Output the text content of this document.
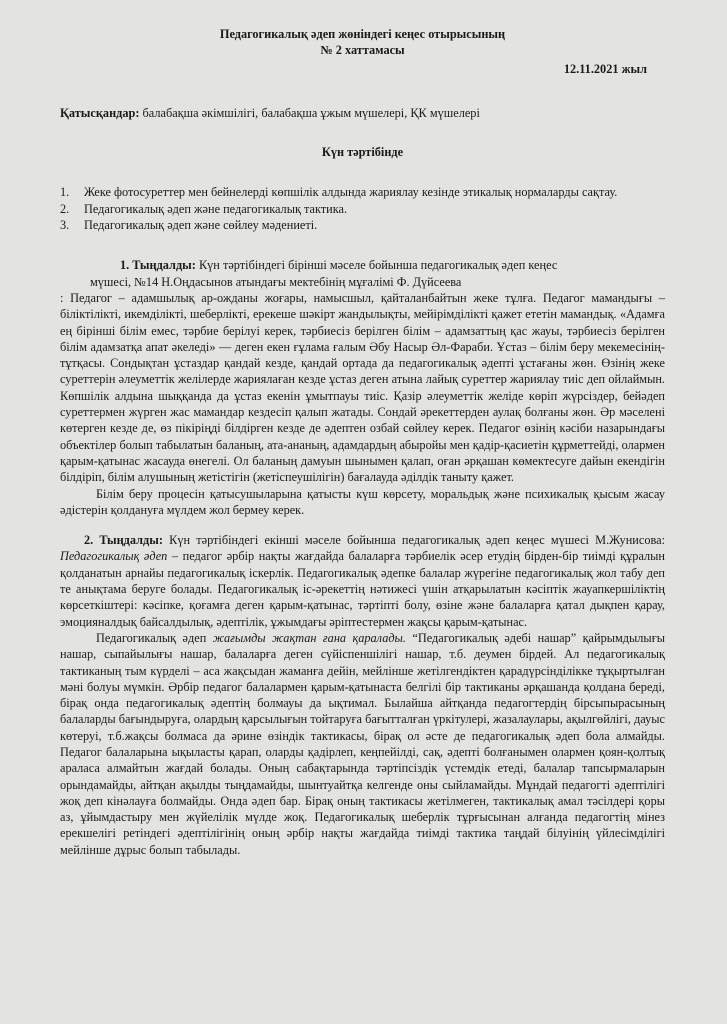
Педагогикалық әдеп жөніндегі кеңес отырысының
№ 2 хаттамасы
12.11.2021 жыл
Қатысқандар: балабақша әкімшілігі, балабақша ұжым мүшелері, ҚК мүшелері
Күн тәртібінде
1.	Жеке фотосуреттер мен бейнелерді көпшілік алдында жариялау кезінде этикалық нормаларды сақтау.
2.	Педагогикалық әдеп және педагогикалық тактика.
3.	Педагогикалық әдеп және сөйлеу мәдениеті.

1. Тыңдалды: Күн тәртібіндегі бірінші мәселе бойынша педагогикалық әдеп кеңес
мүшесі, №14 Н.Оңдасынов атындағы мектебінің мұғалімі Ф. Дүйсеева

: Педагог – адамшылық ар-ожданы жоғары, намысшыл, қайталанбайтын жеке тұлға. Педагог мамандығы – біліктілікті, икемділікті, шеберлікті, ерекеше шәкірт жандылықты, мейірімділікті қажет ететін мамандық. «Адамға ең бірінші білім емес, тәрбие берілуі керек, тәрбиесіз берілген білім – адамзаттың қас жауы, тәрбиесіз берілген білім адамзатқа апат әкеледі» — деген екен ғұлама ғалым Әбу Насыр Әл-Фараби. Ұстаз – білім беру мекемесінің- тұтқасы. Сондықтан ұстаздар қандай кезде, қандай ортада да педагогикалық әдепті ұстағаны жөн. Өзінің жеке суреттерін әлеуметтік желілерде жариялаған кезде ұстаз деген атына лайық суреттер жариялау тиіс деп ойлаймын. Көпшілік алдына шыққанда да ұстаз екенін ұмытпауы тиіс. Қазір әлеуметтік желіде көріп жүрсіздер, бейәдеп суреттермен жүрген жас мамандар кездесіп қалып жатады. Сондай әрекеттерден аулақ болғаны жөн. Әр мәселені көтерген кезде де, өз пікіріңді білдірген кезде де әдептен озбай сөйлеу керек. Педагог өзінің кәсіби назарындағы объектілер болып табылатын баланың, ата-ананың, адамдардың абыройы мен қадір-қасиетін құрметтейді, олармен қарым-қатынас жасауда өнегелі. Ол баланың дамуын шынымен қалап, оған әрқашан көмектесуге дайын екендігін білдіріп, білім алушының жетістігін (жетіспеушілігін) бағалауда әділдік таныту қажет.

Білім беру процесін қатысушыларына қатысты күш көрсету, моральдық және психикалық қысым жасау әдістерін қолдануға мүлдем жол бермеу керек.

2. Тыңдалды: Күн тәртібіндегі екінші мәселе бойынша педагогикалық әдеп кеңес мүшесі М.Жунисова: Педагогикалық әдеп – педагог әрбір нақты жағдайда балаларға тәрбиелік әсер етудің бірден-бір тиімді құралын қолданатын арнайы педагогикалық іскерлік. Педагогикалық әдепке балалар жүрегіне педагогикалық жол табу деп те анықтама беруге болады. Педагогикалық іс-әрекеттің нәтижесі үшін атқарылатын кәсіптік жауапкершіліктің көрсеткіштері: кәсіпке, қоғамға деген қарым-қатынас, тәртіпті болу, өзіне және балаларға қатал дықпен қарау, эмоцияналдық байсалдылық, әдептілік, ұжымдағы әріптестермен жақсы қарым-қатынас.

Педагогикалық әдеп жағымды жақтан ғана қаралады. “Педагогикалық әдебі нашар” қайрымдылығы нашар, сыпайылығы нашар, балаларға деген сүйіспеншілігі нашар, т.б. деумен бірдей. Ал педагогикалық тактиканың тым күрделі – аса жақсыдан жаманға дейін, мейлінше жетілгендіктен қарадүрсінділікке тұқыртылған мәні болуы мүмкін. Әрбір педагог балалармен қарым-қатынаста белгілі бір тактиканы әрқашанда қолдана береді, бірақ онда педагогикалық әдептің болмауы да ықтимал. Былайша айтқанда педагогтердің бірсыпырасының балаларды бағындыруға, олардың қарсылығын тойтаруға бағытталған үркітулері, жазалаулары, ақылгөйлігі, дауыс көтеруі, т.б.жақсы болмаса да әрине өзіндік тактикасы, бірақ ол әсте де педагогикалық әдеп бола алмайды. Педагог балаларына ықыласты қарап, оларды қадірлеп, кеңпейілді, сақ, әдепті болғанымен олармен қоян-қолтық араласа алмайтын жағдай болады. Оның сабақтарында тәртіпсіздік үстемдік етеді, балалар тапсырмаларын орындамайды, айтқан ақылды тыңдамайды, шынтуайтқа келгенде оны сыйламайды. Мұндай педагогті әдептілігі жоқ деп кінәлауға болмайды. Онда әдеп бар. Бірақ оның тактикасы жетілмеген, тактикалық амал тәсілдері қоры аз, ұйымдастыру мен жүйелілік мүлде жоқ. Педагогикалық шеберлік тұрғысынан алғанда педагогтің мінез ерекшелігі ретіндегі әдептілігінің оның әрбір нақты жағдайда тиімді тактика таңдай білуінің үйлесімділігі мейлінше дұрыс болып табылады.
